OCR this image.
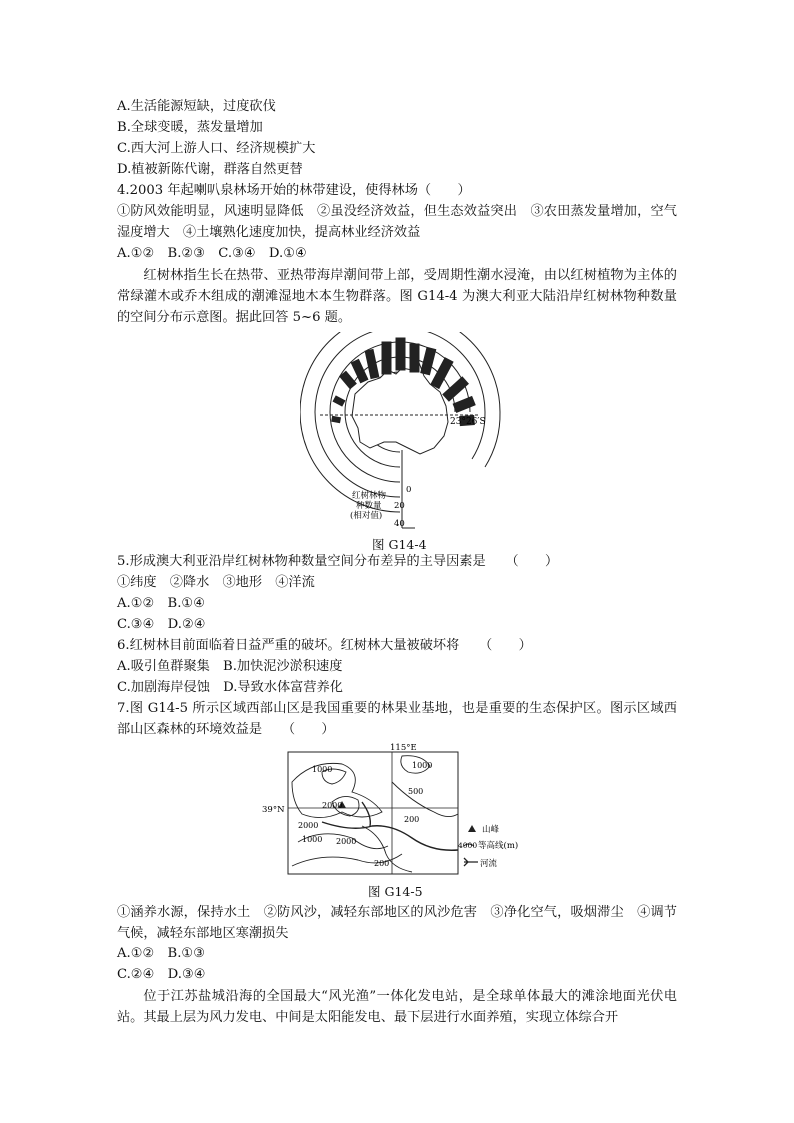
A.生活能源短缺，过度砍伐
B.全球变暖，蒸发量增加
C.西大河上游人口、经济规模扩大
D.植被新陈代谢，群落自然更替
4.2003 年起喇叭泉林场开始的林带建设，使得林场（　　）
①防风效能明显，风速明显降低　②虽没经济效益，但生态效益突出　③农田蒸发量增加，空气湿度增大　④土壤熟化速度加快，提高林业经济效益
A.①②　B.②③　C.③④　D.①④
红树林指生长在热带、亚热带海岸潮间带上部，受周期性潮水浸淹，由以红树植物为主体的常绿灌木或乔木组成的潮滩湿地木本生物群落。图 G14-4 为澳大利亚大陆沿岸红树林物种数量的空间分布示意图。据此回答 5~6 题。
23°26′S
0
20
40
红树林物
种数量
(相对值)
图 G14-4
5.形成澳大利亚沿岸红树林物种数量空间分布差异的主导因素是　　（　　）
①纬度　②降水　③地形　④洋流
A.①②　B.①④
C.③④　D.②④
6.红树林目前面临着日益严重的破坏。红树林大量被破坏将　　（　　）
A.吸引鱼群聚集　B.加快泥沙淤积速度
C.加剧海岸侵蚀　D.导致水体富营养化
7.图 G14-5 所示区域西部山区是我国重要的林果业基地，也是重要的生态保护区。图示区域西部山区森林的环境效益是　　（　　）
115°E
39°N
1000
500
2000
200
2000
1000 2000
200
1000
山峰
4000 等高线(m)
河流
图 G14-5
①涵养水源，保持水土　②防风沙，减轻东部地区的风沙危害　③净化空气，吸烟滞尘　④调节气候，减轻东部地区寒潮损失
A.①②　B.①③
C.②④　D.③④
位于江苏盐城沿海的全国最大“风光渔”一体化发电站，是全球单体最大的滩涂地面光伏电站。其最上层为风力发电、中间是太阳能发电、最下层进行水面养殖，实现立体综合开
